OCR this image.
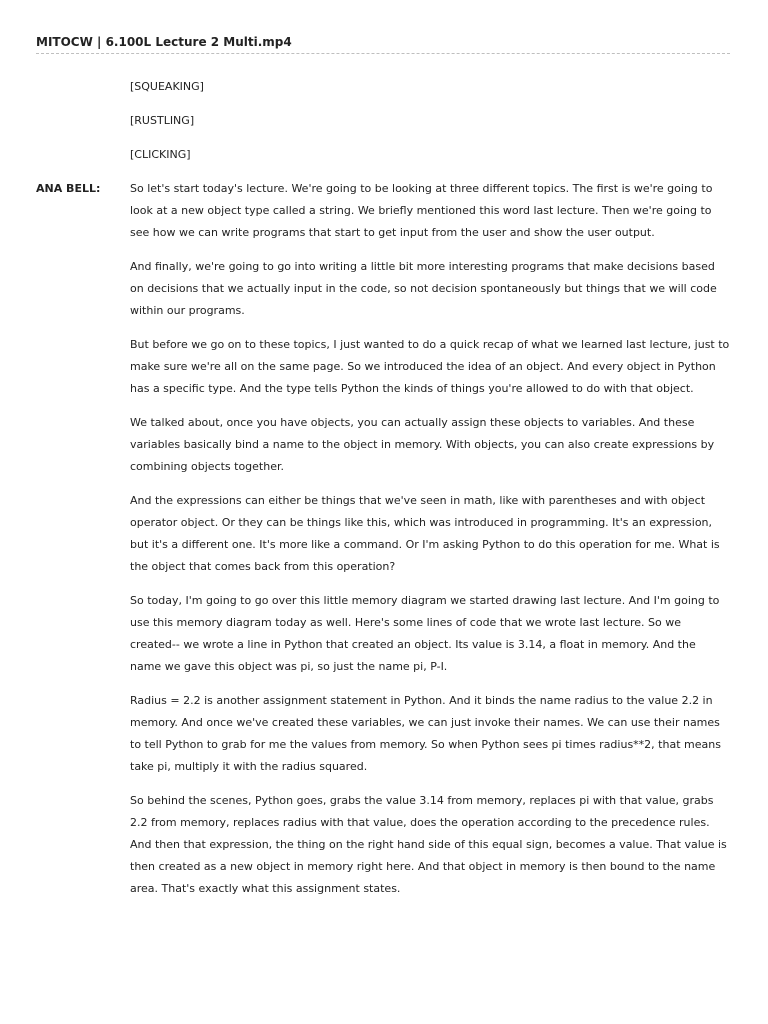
MITOCW | 6.100L Lecture 2 Multi.mp4

[SQUEAKING]

[RUSTLING]

[CLICKING]

ANA BELL:	So let's start today's lecture. We're going to be looking at three different topics. The first is we're going to look at a new object type called a string. We briefly mentioned this word last lecture. Then we're going to see how we can write programs that start to get input from the user and show the user output.

And finally, we're going to go into writing a little bit more interesting programs that make decisions based on decisions that we actually input in the code, so not decision spontaneously but things that we will code within our programs.

But before we go on to these topics, I just wanted to do a quick recap of what we learned last lecture, just to make sure we're all on the same page. So we introduced the idea of an object. And every object in Python has a specific type. And the type tells Python the kinds of things you're allowed to do with that object.

We talked about, once you have objects, you can actually assign these objects to variables. And these variables basically bind a name to the object in memory. With objects, you can also create expressions by combining objects together.

And the expressions can either be things that we've seen in math, like with parentheses and with object operator object. Or they can be things like this, which was introduced in programming. It's an expression, but it's a different one. It's more like a command. Or I'm asking Python to do this operation for me. What is the object that comes back from this operation?

So today, I'm going to go over this little memory diagram we started drawing last lecture. And I'm going to use this memory diagram today as well. Here's some lines of code that we wrote last lecture. So we created-- we wrote a line in Python that created an object. Its value is 3.14, a float in memory. And the name we gave this object was pi, so just the name pi, P-I.

Radius = 2.2 is another assignment statement in Python. And it binds the name radius to the value 2.2 in memory. And once we've created these variables, we can just invoke their names. We can use their names to tell Python to grab for me the values from memory. So when Python sees pi times radius**2, that means take pi, multiply it with the radius squared.

So behind the scenes, Python goes, grabs the value 3.14 from memory, replaces pi with that value, grabs 2.2 from memory, replaces radius with that value, does the operation according to the precedence rules. And then that expression, the thing on the right hand side of this equal sign, becomes a value. That value is then created as a new object in memory right here. And that object in memory is then bound to the name area. That's exactly what this assignment states.
